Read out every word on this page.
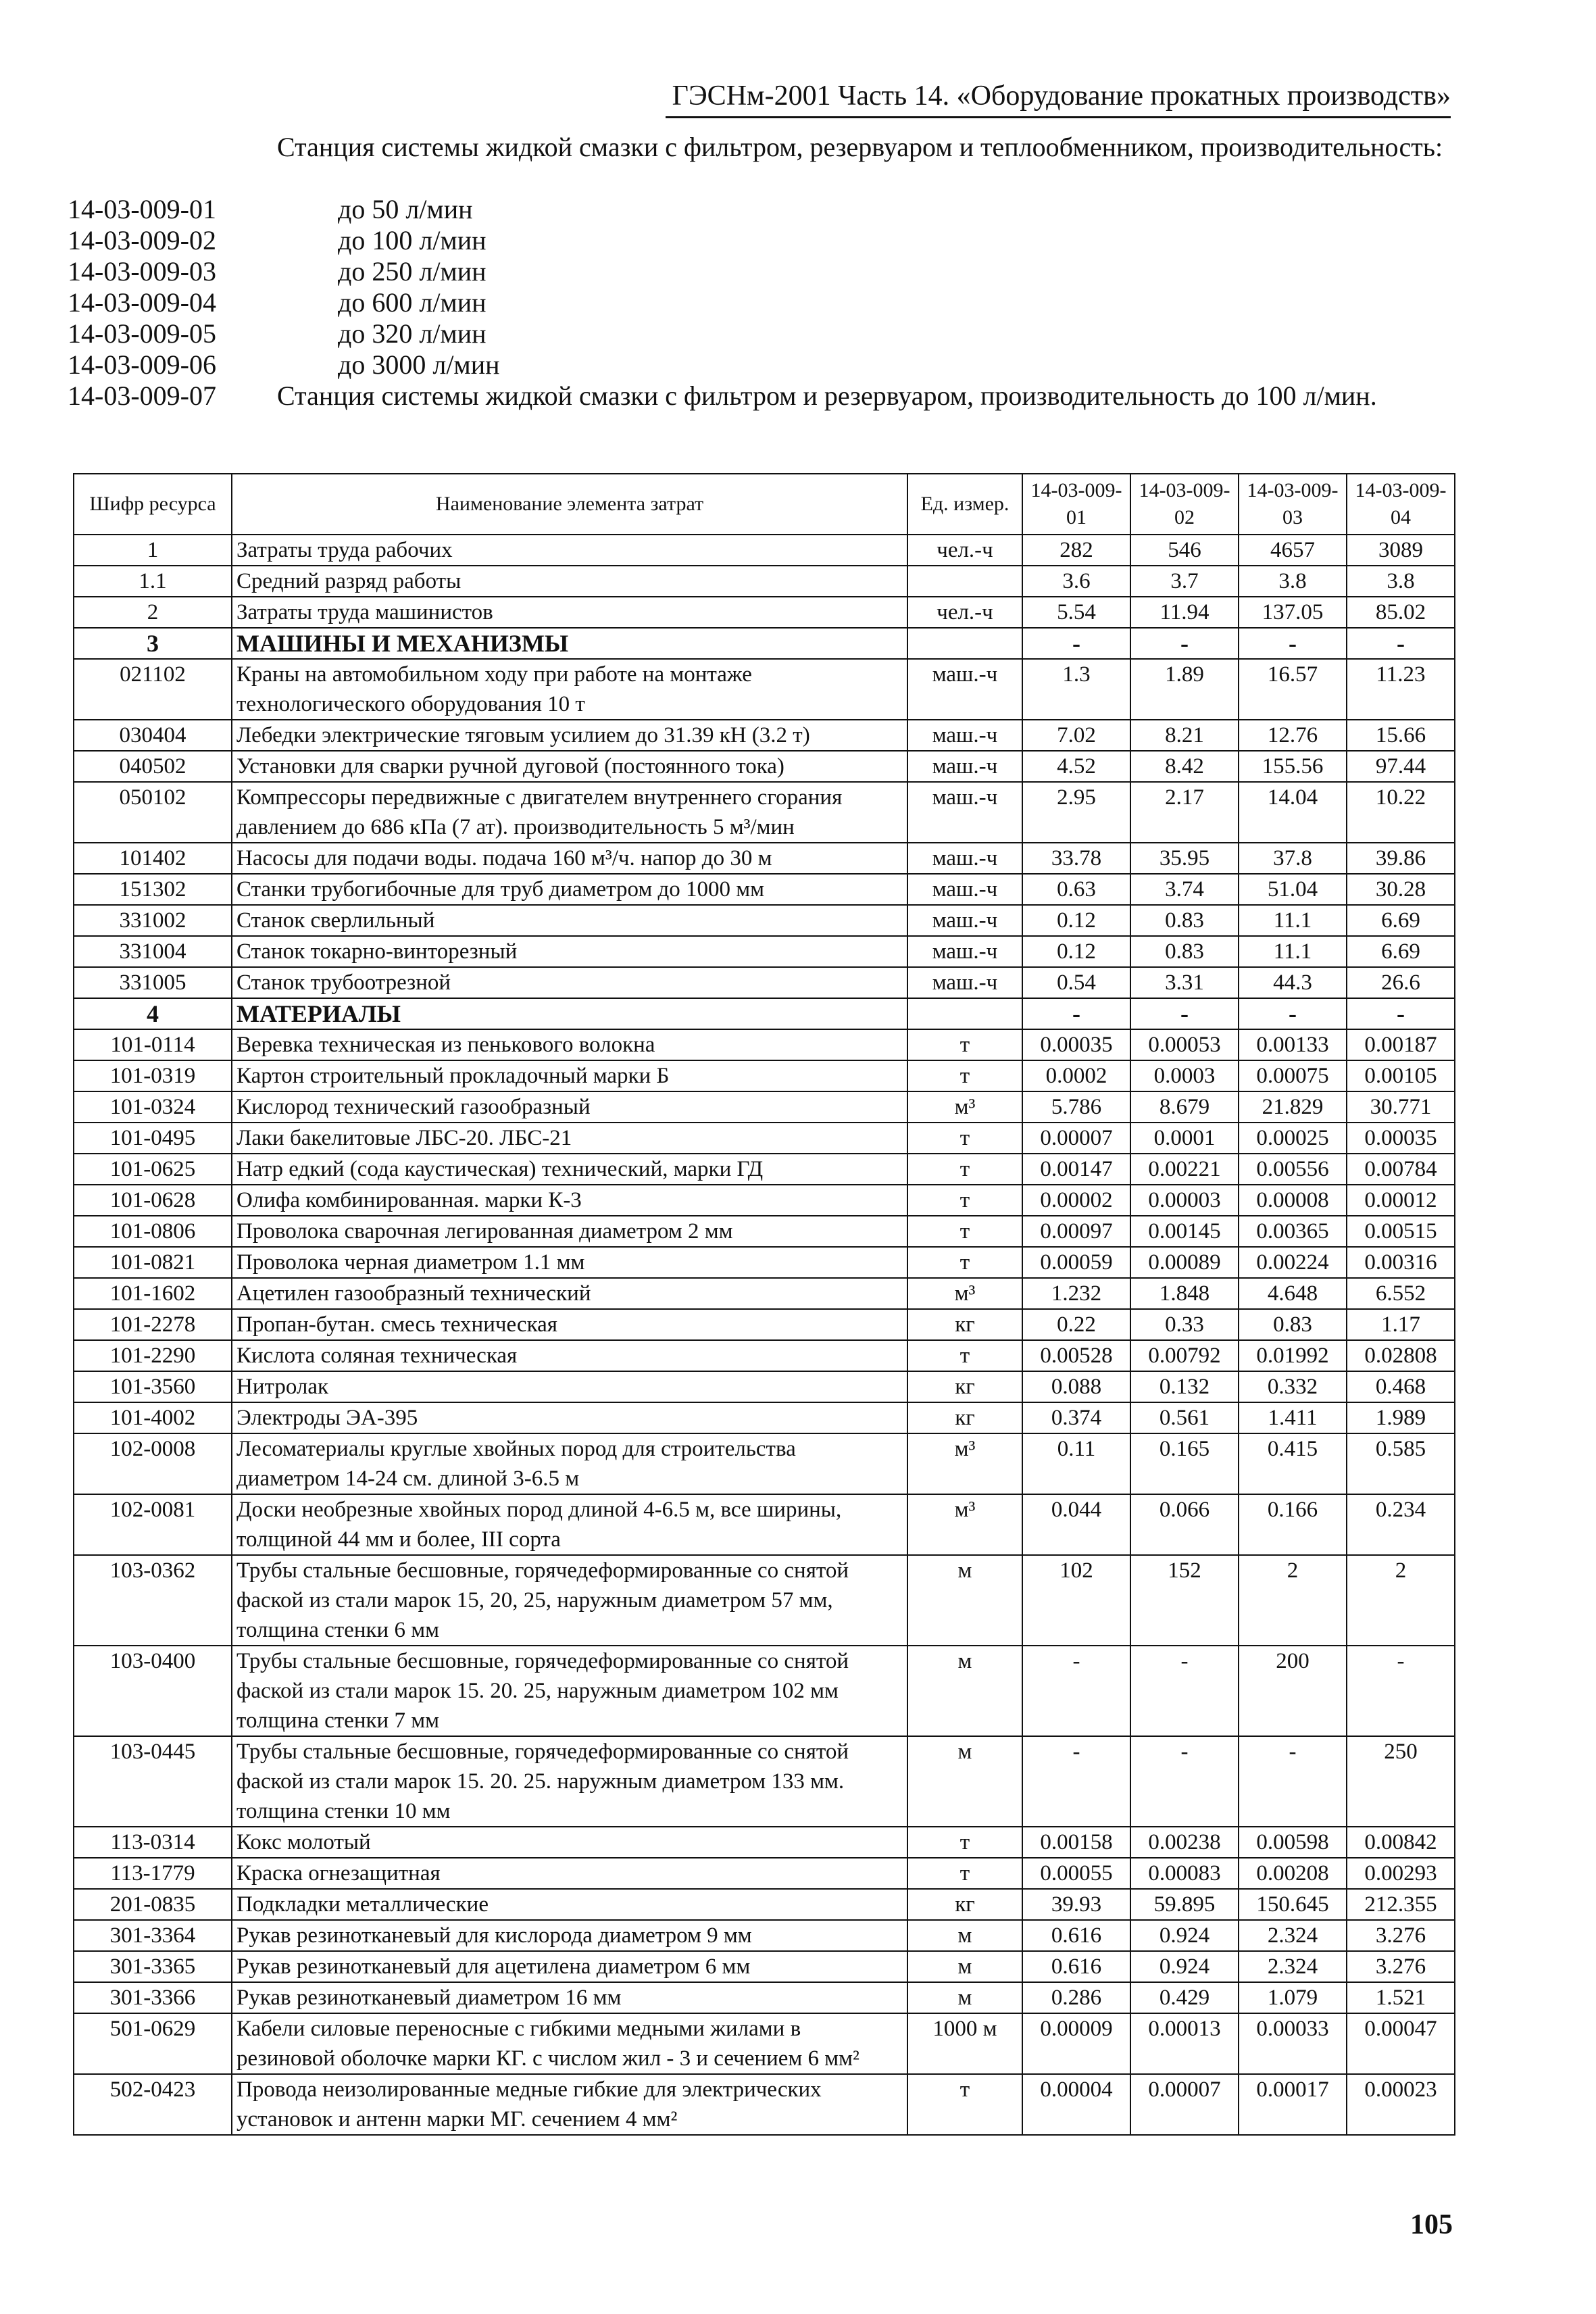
ГЭСНм-2001 Часть 14. «Оборудование прокатных производств»
Станция системы жидкой смазки с фильтром, резервуаром и теплообменником, производительность:
14-03-009-01	до 50 л/мин
14-03-009-02	до 100 л/мин
14-03-009-03	до 250 л/мин
14-03-009-04	до 600 л/мин
14-03-009-05	до 320 л/мин
14-03-009-06	до 3000 л/мин
14-03-009-07 Станция системы жидкой смазки с фильтром и резервуаром, производительность до 100 л/мин.
Шифр ресурса	Наименование элемента затрат	Ед. измер.	14-03-009-01	14-03-009-02	14-03-009-03	14-03-009-04
1	Затраты труда рабочих	чел.-ч	282	546	4657	3089
1.1	Средний разряд работы		3.6	3.7	3.8	3.8
2	Затраты труда машинистов	чел.-ч	5.54	11.94	137.05	85.02
3	МАШИНЫ И МЕХАНИЗМЫ		-	-	-	-
021102	Краны на автомобильном ходу при работе на монтаже технологического оборудования 10 т	маш.-ч	1.3	1.89	16.57	11.23
030404	Лебедки электрические тяговым усилием до 31.39 кН (3.2 т)	маш.-ч	7.02	8.21	12.76	15.66
040502	Установки для сварки ручной дуговой (постоянного тока)	маш.-ч	4.52	8.42	155.56	97.44
050102	Компрессоры передвижные с двигателем внутреннего сгорания давлением до 686 кПа (7 ат). производительность 5 м³/мин	маш.-ч	2.95	2.17	14.04	10.22
101402	Насосы для подачи воды. подача 160 м³/ч. напор до 30 м	маш.-ч	33.78	35.95	37.8	39.86
151302	Станки трубогибочные для труб диаметром до 1000 мм	маш.-ч	0.63	3.74	51.04	30.28
331002	Станок сверлильный	маш.-ч	0.12	0.83	11.1	6.69
331004	Станок токарно-винторезный	маш.-ч	0.12	0.83	11.1	6.69
331005	Станок трубоотрезной	маш.-ч	0.54	3.31	44.3	26.6
4	МАТЕРИАЛЫ		-	-	-	-
101-0114	Веревка техническая из пенькового волокна	т	0.00035	0.00053	0.00133	0.00187
101-0319	Картон строительный прокладочный марки Б	т	0.0002	0.0003	0.00075	0.00105
101-0324	Кислород технический газообразный	м³	5.786	8.679	21.829	30.771
101-0495	Лаки бакелитовые ЛБС-20. ЛБС-21	т	0.00007	0.0001	0.00025	0.00035
101-0625	Натр едкий (сода каустическая) технический, марки ГД	т	0.00147	0.00221	0.00556	0.00784
101-0628	Олифа комбинированная. марки К-3	т	0.00002	0.00003	0.00008	0.00012
101-0806	Проволока сварочная легированная диаметром 2 мм	т	0.00097	0.00145	0.00365	0.00515
101-0821	Проволока черная диаметром 1.1 мм	т	0.00059	0.00089	0.00224	0.00316
101-1602	Ацетилен газообразный технический	м³	1.232	1.848	4.648	6.552
101-2278	Пропан-бутан. смесь техническая	кг	0.22	0.33	0.83	1.17
101-2290	Кислота соляная техническая	т	0.00528	0.00792	0.01992	0.02808
101-3560	Нитролак	кг	0.088	0.132	0.332	0.468
101-4002	Электроды ЭА-395	кг	0.374	0.561	1.411	1.989
102-0008	Лесоматериалы круглые хвойных пород для строительства диаметром 14-24 см. длиной 3-6.5 м	м³	0.11	0.165	0.415	0.585
102-0081	Доски необрезные хвойных пород длиной 4-6.5 м, все ширины, толщиной 44 мм и более, III сорта	м³	0.044	0.066	0.166	0.234
103-0362	Трубы стальные бесшовные, горячедеформированные со снятой фаской из стали марок 15, 20, 25, наружным диаметром 57 мм, толщина стенки 6 мм	м	102	152	2	2
103-0400	Трубы стальные бесшовные, горячедеформированные со снятой фаской из стали марок 15. 20. 25, наружным диаметром 102 мм толщина стенки 7 мм	м	-	-	200	-
103-0445	Трубы стальные бесшовные, горячедеформированные со снятой фаской из стали марок 15. 20. 25. наружным диаметром 133 мм. толщина стенки 10 мм	м	-	-	-	250
113-0314	Кокс молотый	т	0.00158	0.00238	0.00598	0.00842
113-1779	Краска огнезащитная	т	0.00055	0.00083	0.00208	0.00293
201-0835	Подкладки металлические	кг	39.93	59.895	150.645	212.355
301-3364	Рукав резинотканевый для кислорода диаметром 9 мм	м	0.616	0.924	2.324	3.276
301-3365	Рукав резинотканевый для ацетилена диаметром 6 мм	м	0.616	0.924	2.324	3.276
301-3366	Рукав резинотканевый диаметром 16 мм	м	0.286	0.429	1.079	1.521
501-0629	Кабели силовые переносные с гибкими медными жилами в резиновой оболочке марки КГ. с числом жил - 3 и сечением 6 мм²	1000 м	0.00009	0.00013	0.00033	0.00047
502-0423	Провода неизолированные медные гибкие для электрических установок и антенн марки МГ. сечением 4 мм²	т	0.00004	0.00007	0.00017	0.00023
105
